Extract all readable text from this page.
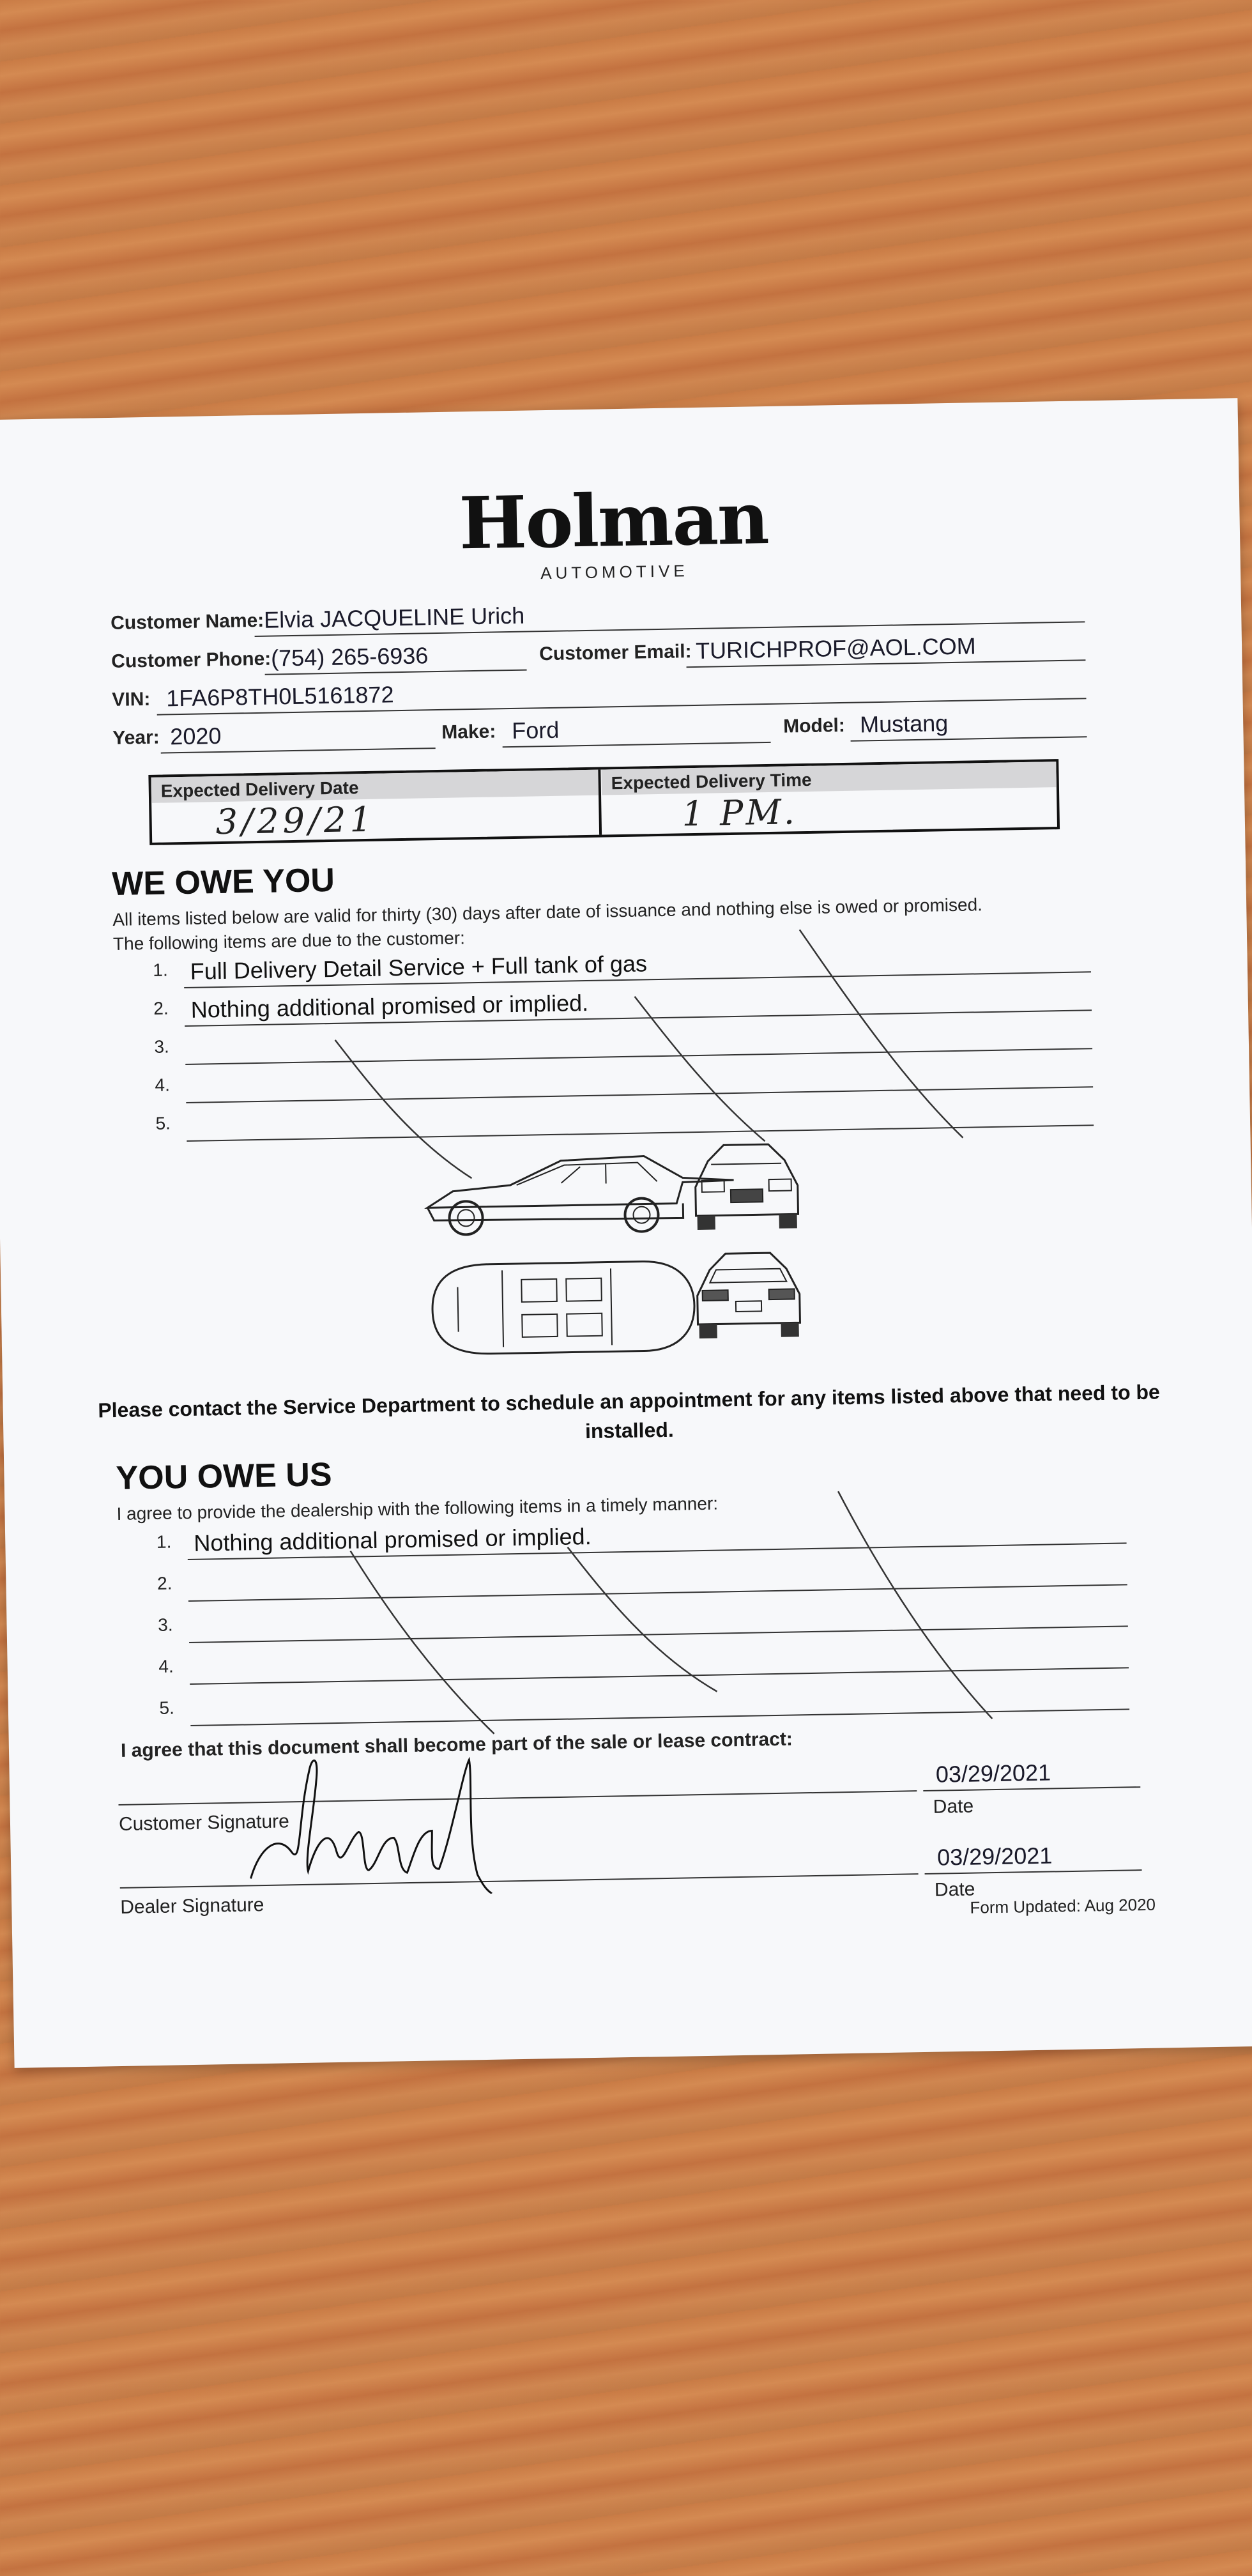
Holman
AUTOMOTIVE
Customer Name: Elvia JACQUELINE Urich
Customer Phone: (754) 265-6936	Customer Email: TURICHPROF@AOL.COM
VIN: 1FA6P8TH0L5161872
Year: 2020	Make: Ford	Model: Mustang
Expected Delivery Date
3/29/21
Expected Delivery Time
1 PM.
WE OWE YOU
All items listed below are valid for thirty (30) days after date of issuance and nothing else is owed or promised.
The following items are due to the customer:
1. Full Delivery Detail Service + Full tank of gas
2. Nothing additional promised or implied.
3.
4.
5.
Please contact the Service Department to schedule an appointment for any items listed above that need to be installed.
YOU OWE US
I agree to provide the dealership with the following items in a timely manner:
1. Nothing additional promised or implied.
2.
3.
4.
5.
I agree that this document shall become part of the sale or lease contract:
Customer Signature
03/29/2021
Date
Dealer Signature
03/29/2021
Date
Form Updated: Aug 2020
